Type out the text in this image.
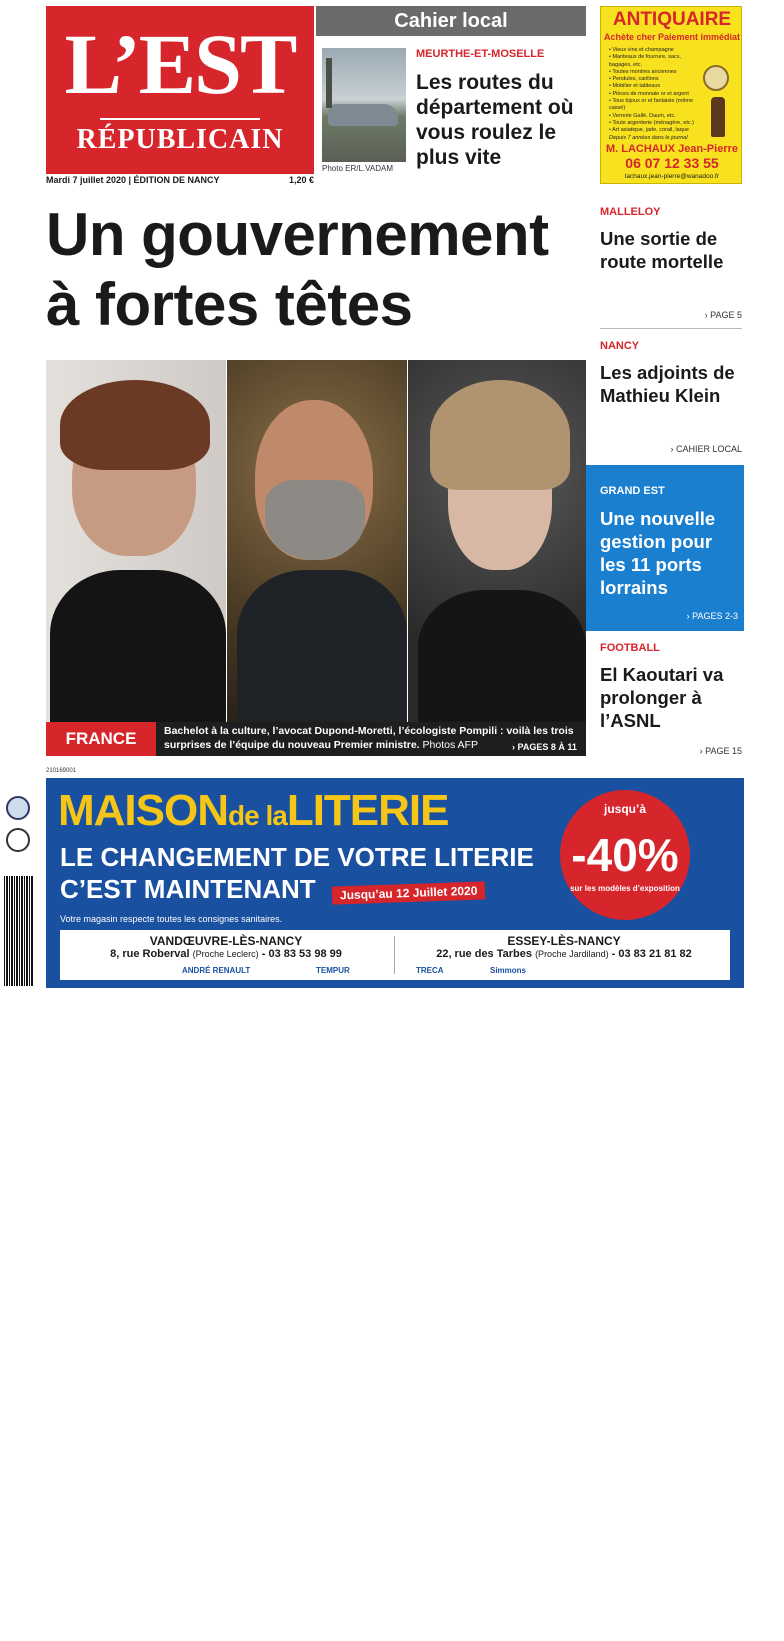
L’EST
RÉPUBLICAIN
Mardi 7 juillet 2020 | ÉDITION DE NANCY	1,20 €
Cahier local
Photo ER/L.VADAM
MEURTHE-ET-MOSELLE
Les routes du département où vous roulez le plus vite
ANTIQUAIRE
Achète cher Paiement immédiat
• Vieux vins et champagne
• Manteaux de fourrure, sacs, bagages, etc.
• Toutes montres anciennes
• Pendules, carillons
• Mobilier et tableaux
• Pièces de monnaie or et argent
• Tous bijoux or et fantaisie (même cassé)
• Verrerie Gallé, Daum, etc.
• Toute argenterie (ménagère, etc.)
• Art asiatique, jade, corail, laque
Depuis 7 années dans le journal
M. LACHAUX Jean-Pierre
06 07 12 33 55
lachaux.jean-pierre@wanadoo.fr
Un gouvernement
à fortes têtes
FRANCE	Bachelot à la culture, l’avocat Dupond-Moretti, l’écologiste Pompili : voilà les trois surprises de l’équipe du nouveau Premier ministre. Photos AFP	› PAGES 8 À 11
MALLELOY
Une sortie de route mortelle
› PAGE 5
NANCY
Les adjoints de Mathieu Klein
› CAHIER LOCAL
GRAND EST
Une nouvelle gestion pour les 11 ports lorrains
› PAGES 2-3
FOOTBALL
El Kaoutari va prolonger à l’ASNL
› PAGE 15
210169001
MAISONde laLITERIE
LE CHANGEMENT DE VOTRE LITERIE
C’EST MAINTENANT	Jusqu’au 12 Juillet 2020
Votre magasin respecte toutes les consignes sanitaires.
jusqu’à
-40%
sur les modèles d’exposition
*Voir conditions en magasin
VANDŒUVRE-LÈS-NANCY
8, rue Roberval (Proche Leclerc) - 03 83 53 98 99
ESSEY-LÈS-NANCY
22, rue des Tarbes (Proche Jardiland) - 03 83 21 81 82
ANDRÉ RENAULT	TEMPUR	TRECA	Simmons
